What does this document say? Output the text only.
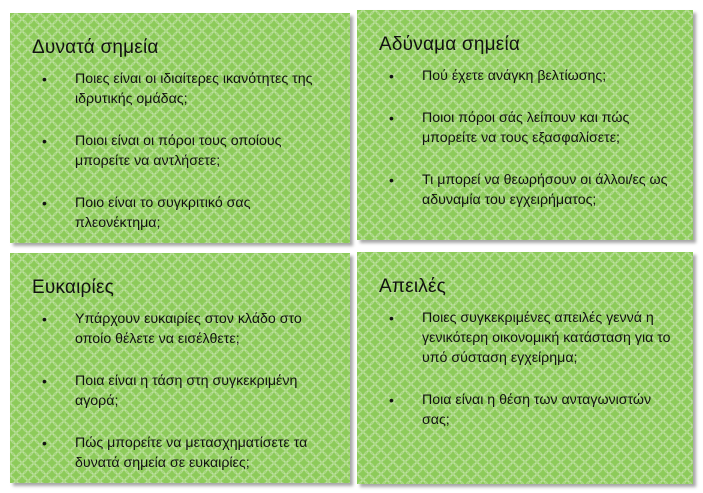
Δυνατά σημεία
• Ποιες είναι οι ιδιαίτερες ικανότητες της ιδρυτικής ομάδας;
• Ποιοι είναι οι πόροι τους οποίους μπορείτε να αντλήσετε;
• Ποιο είναι το συγκριτικό σας πλεονέκτημα;
Αδύναμα σημεία
• Πού έχετε ανάγκη βελτίωσης;
• Ποιοι πόροι σάς λείπουν και πώς μπορείτε να τους εξασφαλίσετε;
• Τι μπορεί να θεωρήσουν οι άλλοι/ες ως αδυναμία του εγχειρήματος;
Ευκαιρίες
• Υπάρχουν ευκαιρίες στον κλάδο στο οποίο θέλετε να εισέλθετε;
• Ποια είναι η τάση στη συγκεκριμένη αγορά;
• Πώς μπορείτε να μετασχηματίσετε τα δυνατά σημεία σε ευκαιρίες;
Απειλές
• Ποιες συγκεκριμένες απειλές γεννά η γενικότερη οικονομική κατάσταση για το υπό σύσταση εγχείρημα;
• Ποια είναι η θέση των ανταγωνιστών σας;
